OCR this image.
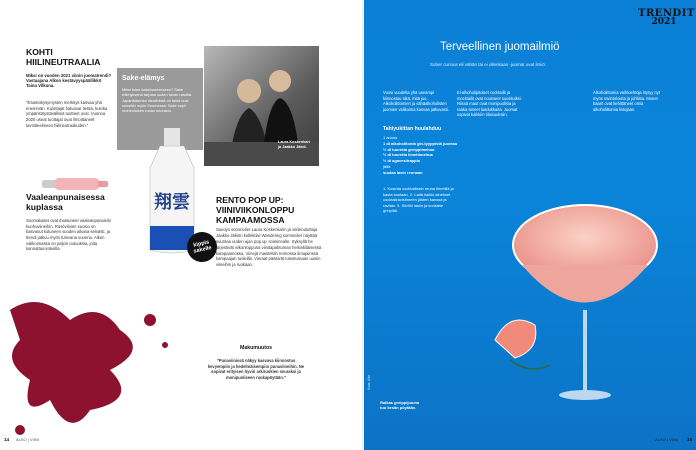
KOHTI HIILINEUTRAALIA
Miksi on vuoden 2021 viinin juomatrendi? Vastaajana Alkon kestävyyspäällikkö Taina Vilkuna.
”Ilmastokysymysten merkitys kasvaa yhä enemmän. Kuluttajat haluavat tietää, kuinka ympäristöystävällisiä tuotteet ovat. Vuonna 2020 useat tuottajat ovat ilmoittaneet tavoitteekseen hiilineutraaliuden.”
Vaaleanpunaisessa kuplassa
Suomalaiset ovat ihastuneet vaaleanpunaisiin kuohuviineihin. Roséviinien suosio on kasvanut kuluneen vuoden aikana selvästi, ja trendi jatkuu myös tulevana vuonna. Alkon valikoimassa on paljon uutuuksia, joita kannattaa kokeilla.
Sake-elämys
Miksi tulee sakehuoneeseen? Sake elämyksenä tarjoaa uuden tavan nauttia. Japanilaisesta riisiviinistä on tullut uusi suosikki myös Suomessa. Sake sopii monenlaisen ruoan seuraksi.
翔雲
Laura Koskenkari ja Jaakko Jäkiö.
kippis sakelle
RENTO POP UP: VIINIVIIKONLOPPU KAMPAAMOSSA
Savoyn sommelier Laura Koskenkarin ja viinikouluttaja Jaakko Jäkiön kollektiivi Wandering sommelier näyttää suuntaa uuden ajan pop up -toiminnalle. Syksyllä he järjestivät viikonloppuna viinitapahtuman helsinkiläisessä kampaamossa. Viinejä maisteltiin rennossa ilmapiirissä kampaajan tuoleilla. Vieraat pääsivät tutustumaan uusiin viineihin ja ruokaan.
Makumuutos
”Punaviinissä näkyy kasvava kiinnostus kevyempiin ja hedelmäisempiin punaviineihin. Ne sopivat erityisen hyvin arkiruokien seuraksi ja monipuoliseen ruokapöytään.”
14 ALKO | VIINI
TRENDIT
2021
Terveellinen juomailmiö
Sober curious eli vähän tai ei ollenkaan -juomat ovat ilmiö.
Vuosi vuodelta yhä useampi kiinnostuu siitä, mitä juo. Alkoholittomien ja vähäalkoholisten juomien valikoima kasvaa jatkuvasti.
Ei-alkoholipitoiset cocktailit ja mocktailit ovat nousseet suosituiksi. Niissä maut ovat monipuolisia ja raaka-aineet laadukkaita. Juomat sopivat kaikkiin tilaisuuksiin.
Alkoholittomia vaihtoehtoja löytyy nyt myös ravintoloista ja juhlista. Monet baarit ovat kehittäneet omia alkoholittomia listojaan.
Tahiyukittan huulahduu
1 annos
1 dl alkoholitonta gin-tyyppistä juomaa
½ dl tuoretta greippimehua
½ dl tuoretta limettimehua
½ dl agavesiirappia
jäitä
suolaa lasin reunaan
1. Kostuta cocktaillasin reuna limetillä ja kasta suolaan. 2. Laita kaikki ainekset cocktailravistimeen jäiden kanssa ja ravista. 3. Siivilöi lasiin ja koristele greipillä.
Raikas greippijuoma tuo kesän pöytään.
Kuva: Alko
ALKO | VIINI 15
